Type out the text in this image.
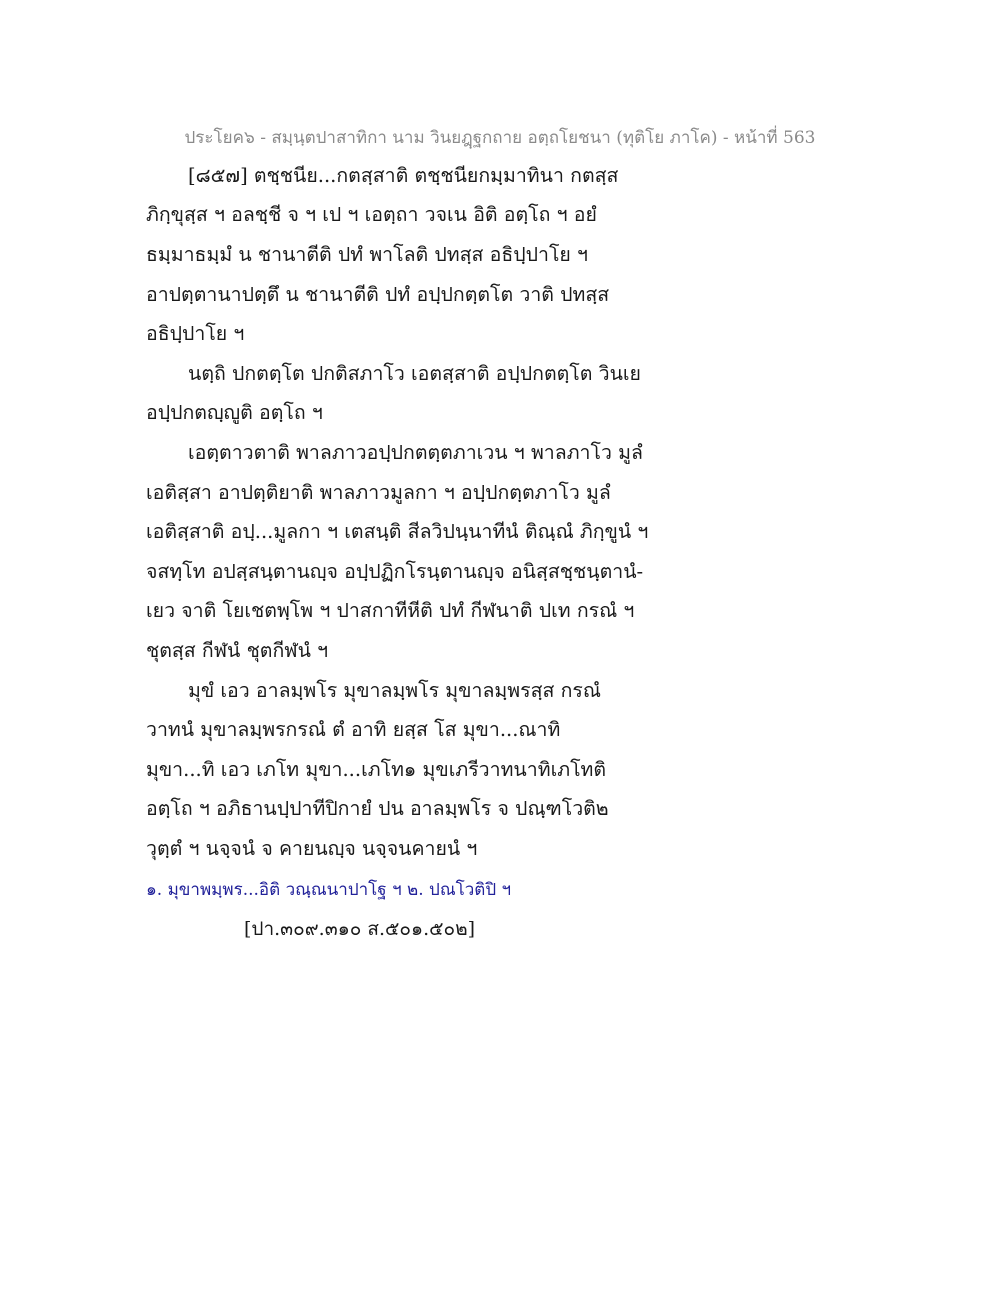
ประโยค๖ - สมฺนฺตปาสาทิกา นาม วินยฎฺฐกถาย อตฺถโยชนา (ทุติโย ภาโค) - หน้าที่ 563
[๘๕๗] ตชฺชนีย...กตสฺสาติ ตชฺชนียกมฺมาทินา กตสฺส
ภิกฺขุสฺส ฯ อลชฺชี จ ฯ เป ฯ เอตฺถา วจเน อิติ อตฺโถ ฯ อยํ
ธมฺมาธมฺมํ น ชานาตีติ ปทํ พาโลติ ปทสฺส อธิปฺปาโย ฯ
อาปตฺตานาปตฺตึ น ชานาตีติ ปทํ อปฺปกตฺตโต วาติ ปทสฺส
อธิปฺปาโย ฯ
นตฺถิ ปกตตฺโต ปกติสภาโว เอตสฺสาติ อปฺปกตตฺโต วินเย
อปฺปกตญฺญูติ อตฺโถ ฯ
เอตฺตาวตาติ พาลภาวอปฺปกตตฺตภาเวน ฯ พาลภาโว มูลํ
เอติสฺสา อาปตฺติยาติ พาลภาวมูลกา ฯ อปฺปกตฺตภาโว มูลํ
เอติสฺสาติ อปฺ...มูลกา ฯ เตสนฺติ สีลวิปนฺนาทีนํ ติณฺณํ ภิกฺขูนํ ฯ
จสทฺโท อปสฺสนฺตานญฺจ อปฺปฏิกโรนฺตานญฺจ อนิสฺสชฺชนฺตานํ-
เยว จาติ โยเชตพฺโพ ฯ ปาสกาทีหีติ ปทํ กีฬนาติ ปเท กรณํ ฯ
ชุตสฺส กีฬนํ ชุตกีฬนํ ฯ
มุขํ เอว อาลมฺพโร มุขาลมฺพโร มุขาลมฺพรสฺส กรณํ
วาทนํ มุขาลมฺพรกรณํ ตํ อาทิ ยสฺส โส มุขา...ณาทิ
มุขา...ทิ เอว เภโท มุขา...เภโท๑ มุขเภรีวาทนาทิเภโทติ
อตฺโถ ฯ อภิธานปฺปาทีปิกายํ ปน อาลมฺพโร จ ปณฺฑโวติ๒
วุตฺตํ ฯ นจฺจนํ จ คายนญฺจ นจฺจนคายนํ ฯ
๑. มุขาพมฺพร...อิติ วณฺณนาปาโฐ ฯ ๒. ปณโวติปิ ฯ
[ปา.๓๐๙.๓๑๐ ส.๕๐๑.๕๐๒]
